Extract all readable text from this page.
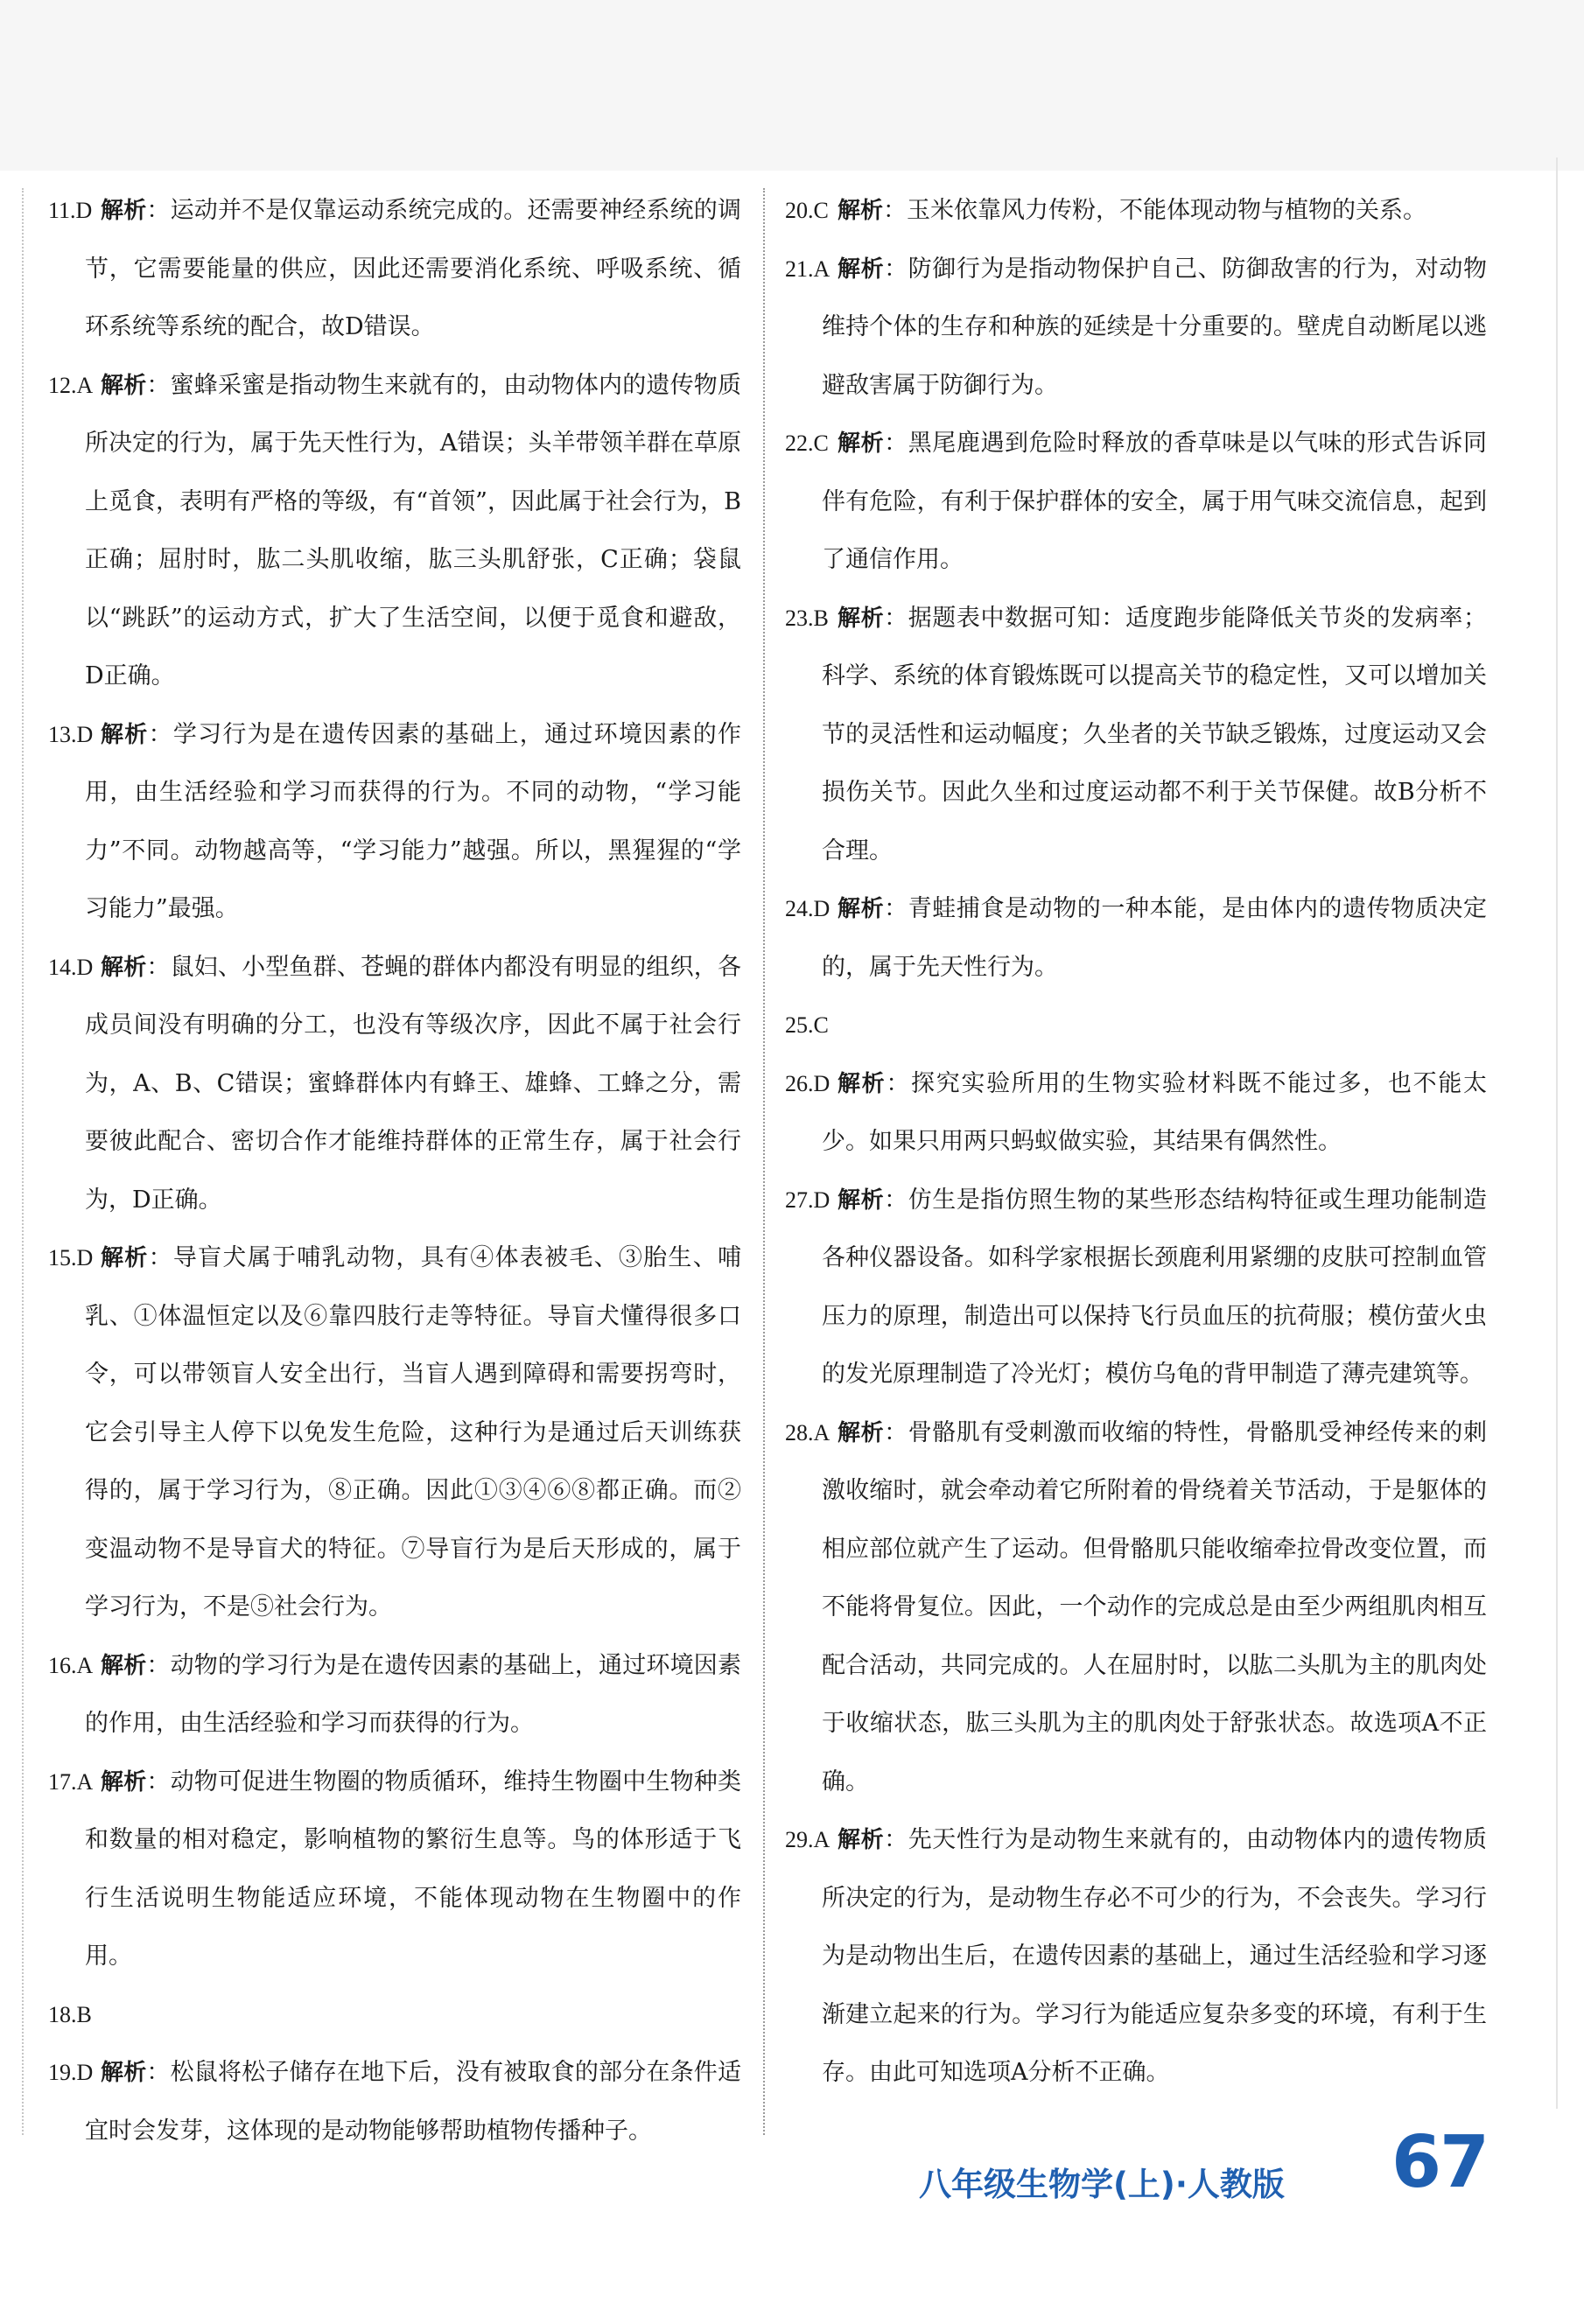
11.D 解析：运动并不是仅靠运动系统完成的。还需要神经系统的调节，它需要能量的供应，因此还需要消化系统、呼吸系统、循环系统等系统的配合，故D错误。
12.A 解析：蜜蜂采蜜是指动物生来就有的，由动物体内的遗传物质所决定的行为，属于先天性行为，A错误；头羊带领羊群在草原上觅食，表明有严格的等级，有“首领”，因此属于社会行为，B正确；屈肘时，肱二头肌收缩，肱三头肌舒张，C正确；袋鼠以“跳跃”的运动方式，扩大了生活空间，以便于觅食和避敌，D正确。
13.D 解析：学习行为是在遗传因素的基础上，通过环境因素的作用，由生活经验和学习而获得的行为。不同的动物，“学习能力”不同。动物越高等，“学习能力”越强。所以，黑猩猩的“学习能力”最强。
14.D 解析：鼠妇、小型鱼群、苍蝇的群体内都没有明显的组织，各成员间没有明确的分工，也没有等级次序，因此不属于社会行为，A、B、C错误；蜜蜂群体内有蜂王、雄蜂、工蜂之分，需要彼此配合、密切合作才能维持群体的正常生存，属于社会行为，D正确。
15.D 解析：导盲犬属于哺乳动物，具有④体表被毛、③胎生、哺乳、①体温恒定以及⑥靠四肢行走等特征。导盲犬懂得很多口令，可以带领盲人安全出行，当盲人遇到障碍和需要拐弯时，它会引导主人停下以免发生危险，这种行为是通过后天训练获得的，属于学习行为，⑧正确。因此①③④⑥⑧都正确。而②变温动物不是导盲犬的特征。⑦导盲行为是后天形成的，属于学习行为，不是⑤社会行为。
16.A 解析：动物的学习行为是在遗传因素的基础上，通过环境因素的作用，由生活经验和学习而获得的行为。
17.A 解析：动物可促进生物圈的物质循环，维持生物圈中生物种类和数量的相对稳定，影响植物的繁衍生息等。鸟的体形适于飞行生活说明生物能适应环境，不能体现动物在生物圈中的作用。
18.B

19.D 解析：松鼠将松子储存在地下后，没有被取食的部分在条件适宜时会发芽，这体现的是动物能够帮助植物传播种子。
20.C 解析：玉米依靠风力传粉，不能体现动物与植物的关系。
21.A 解析：防御行为是指动物保护自己、防御敌害的行为，对动物维持个体的生存和种族的延续是十分重要的。壁虎自动断尾以逃避敌害属于防御行为。
22.C 解析：黑尾鹿遇到危险时释放的香草味是以气味的形式告诉同伴有危险，有利于保护群体的安全，属于用气味交流信息，起到了通信作用。
23.B 解析：据题表中数据可知：适度跑步能降低关节炎的发病率；科学、系统的体育锻炼既可以提高关节的稳定性，又可以增加关节的灵活性和运动幅度；久坐者的关节缺乏锻炼，过度运动又会损伤关节。因此久坐和过度运动都不利于关节保健。故B分析不合理。
24.D 解析：青蛙捕食是动物的一种本能，是由体内的遗传物质决定的，属于先天性行为。
25.C

26.D 解析：探究实验所用的生物实验材料既不能过多，也不能太少。如果只用两只蚂蚁做实验，其结果有偶然性。
27.D 解析：仿生是指仿照生物的某些形态结构特征或生理功能制造各种仪器设备。如科学家根据长颈鹿利用紧绷的皮肤可控制血管压力的原理，制造出可以保持飞行员血压的抗荷服；模仿萤火虫的发光原理制造了冷光灯；模仿乌龟的背甲制造了薄壳建筑等。
28.A 解析：骨骼肌有受刺激而收缩的特性，骨骼肌受神经传来的刺激收缩时，就会牵动着它所附着的骨绕着关节活动，于是躯体的相应部位就产生了运动。但骨骼肌只能收缩牵拉骨改变位置，而不能将骨复位。因此，一个动作的完成总是由至少两组肌肉相互配合活动，共同完成的。人在屈肘时，以肱二头肌为主的肌肉处于收缩状态，肱三头肌为主的肌肉处于舒张状态。故选项A不正确。
29.A 解析：先天性行为是动物生来就有的，由动物体内的遗传物质所决定的行为，是动物生存必不可少的行为，不会丧失。学习行为是动物出生后，在遗传因素的基础上，通过生活经验和学习逐渐建立起来的行为。学习行为能适应复杂多变的环境，有利于生存。由此可知选项A分析不正确。
八年级生物学(上)·人教版 67
